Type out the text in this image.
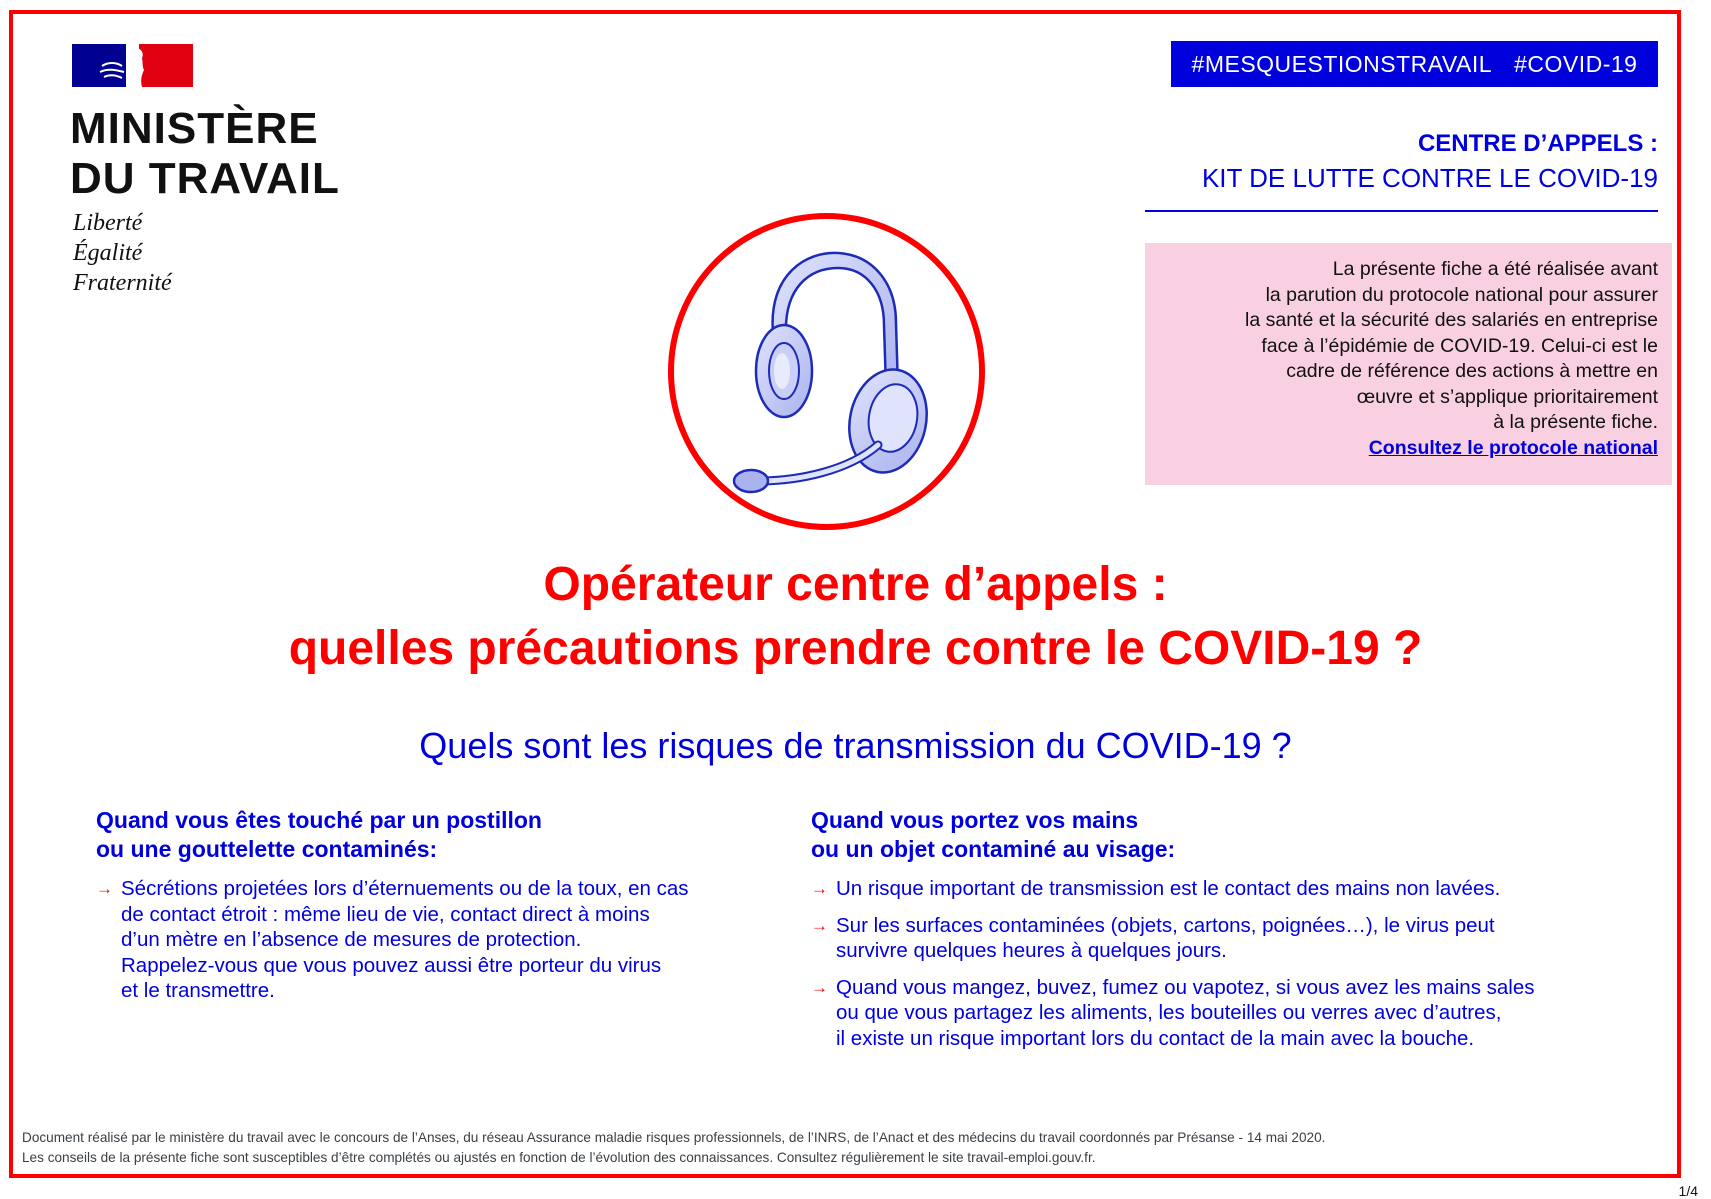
MINISTÈRE
DU TRAVAIL
Liberté
Égalité
Fraternité
#MESQUESTIONSTRAVAIL #COVID-19
CENTRE D’APPELS :
KIT DE LUTTE CONTRE LE COVID-19
La présente fiche a été réalisée avant
la parution du protocole national pour assurer
la santé et la sécurité des salariés en entreprise
face à l’épidémie de COVID-19. Celui-ci est le
cadre de référence des actions à mettre en
œuvre et s’applique prioritairement
à la présente fiche.
Consultez le protocole national
Opérateur centre d’appels :
quelles précautions prendre contre le COVID-19 ?
Quels sont les risques de transmission du COVID-19 ?
Quand vous êtes touché par un postillon
ou une gouttelette contaminés:
→ Sécrétions projetées lors d’éternuements ou de la toux, en cas
de contact étroit : même lieu de vie, contact direct à moins
d’un mètre en l’absence de mesures de protection.
Rappelez-vous que vous pouvez aussi être porteur du virus
et le transmettre.
Quand vous portez vos mains
ou un objet contaminé au visage:
→ Un risque important de transmission est le contact des mains non lavées.
→ Sur les surfaces contaminées (objets, cartons, poignées…), le virus peut
survivre quelques heures à quelques jours.
→ Quand vous mangez, buvez, fumez ou vapotez, si vous avez les mains sales
ou que vous partagez les aliments, les bouteilles ou verres avec d’autres,
il existe un risque important lors du contact de la main avec la bouche.
Document réalisé par le ministère du travail avec le concours de l’Anses, du réseau Assurance maladie risques professionnels, de l’INRS, de l’Anact et des médecins du travail coordonnés par Présanse - 14 mai 2020.
Les conseils de la présente fiche sont susceptibles d’être complétés ou ajustés en fonction de l’évolution des connaissances. Consultez régulièrement le site travail-emploi.gouv.fr.
1/4
